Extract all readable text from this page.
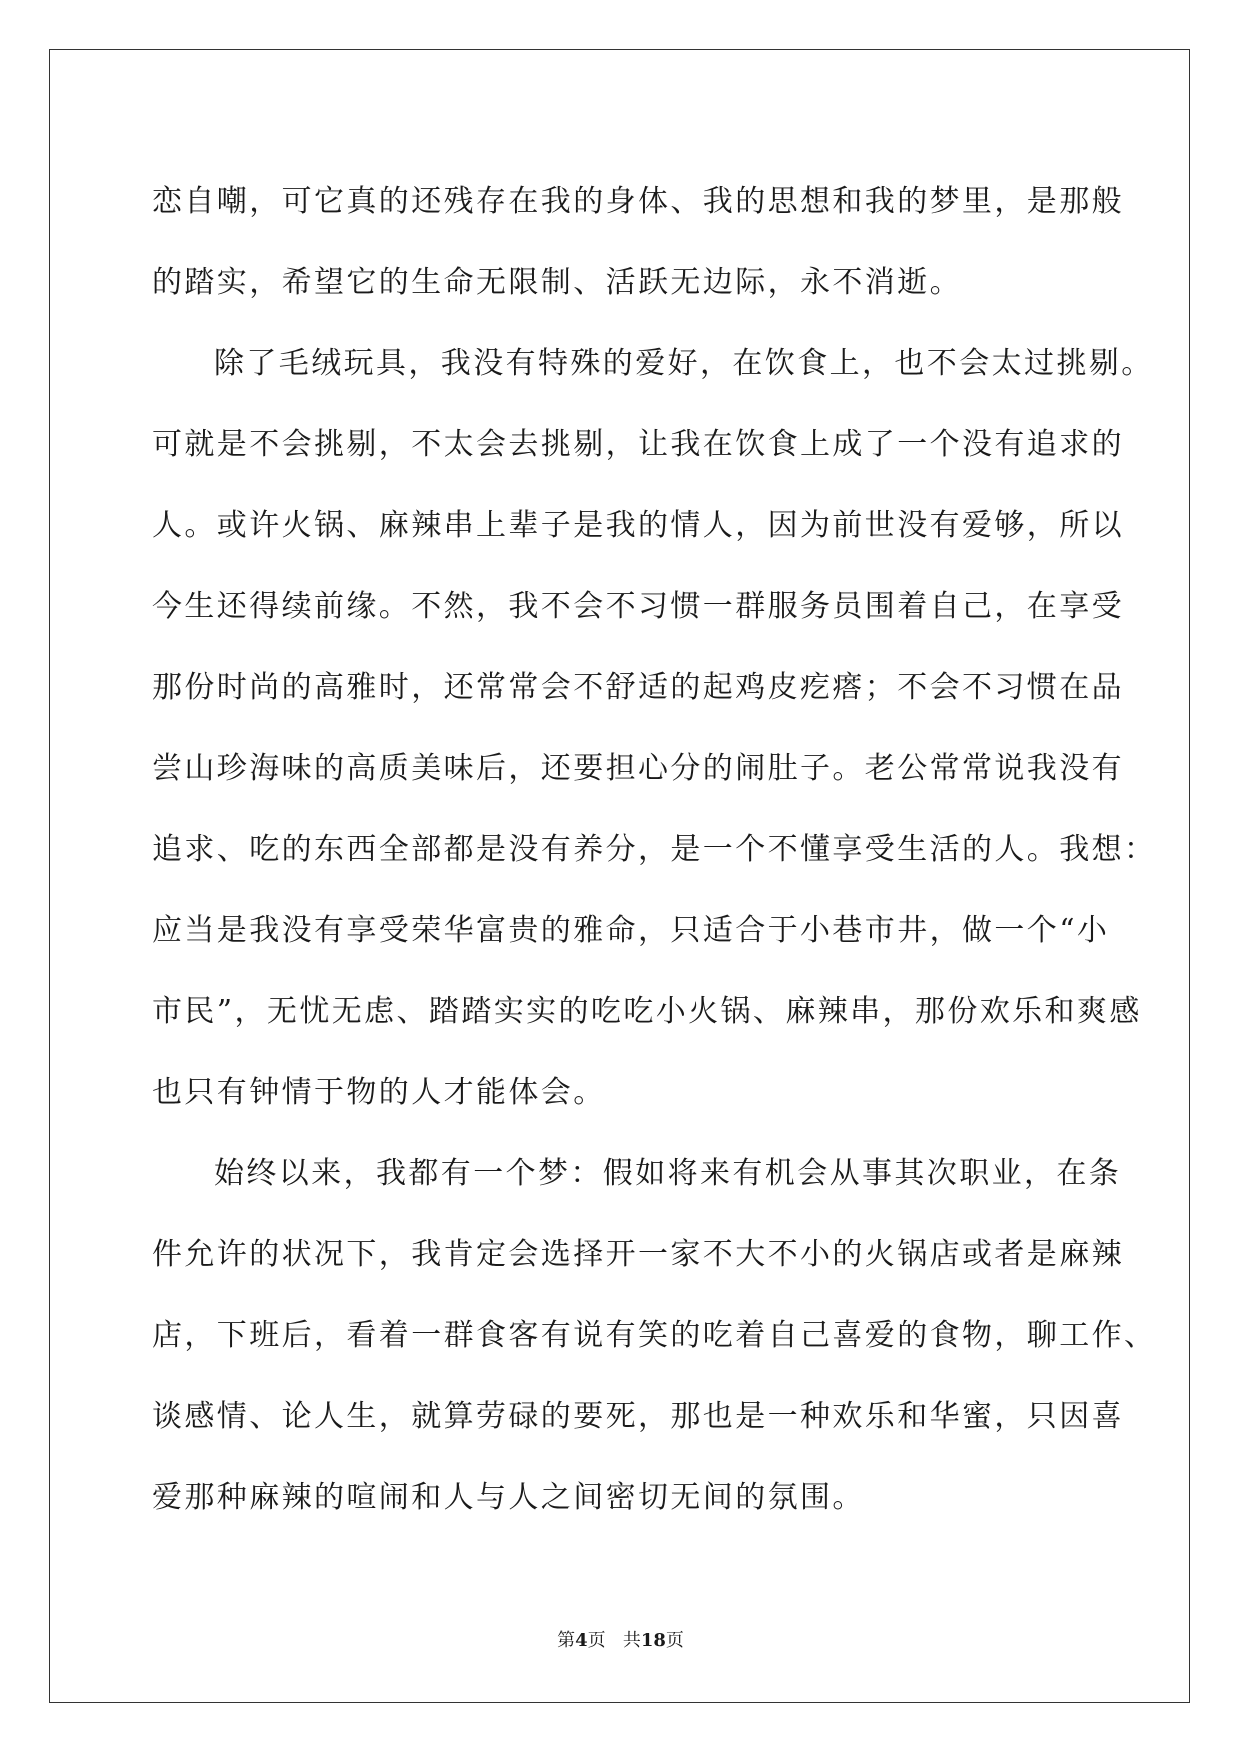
恋自嘲，可它真的还残存在我的身体、我的思想和我的梦里，是那般
的踏实，希望它的生命无限制、活跃无边际，永不消逝。
除了毛绒玩具，我没有特殊的爱好，在饮食上，也不会太过挑剔。
可就是不会挑剔，不太会去挑剔，让我在饮食上成了一个没有追求的
人。或许火锅、麻辣串上辈子是我的情人，因为前世没有爱够，所以
今生还得续前缘。不然，我不会不习惯一群服务员围着自己，在享受
那份时尚的高雅时，还常常会不舒适的起鸡皮疙瘩；不会不习惯在品
尝山珍海味的高质美味后，还要担心分的闹肚子。老公常常说我没有
追求、吃的东西全部都是没有养分，是一个不懂享受生活的人。我想：
应当是我没有享受荣华富贵的雅命，只适合于小巷市井，做一个“小
市民”，无忧无虑、踏踏实实的吃吃小火锅、麻辣串，那份欢乐和爽感
也只有钟情于物的人才能体会。
始终以来，我都有一个梦：假如将来有机会从事其次职业，在条
件允许的状况下，我肯定会选择开一家不大不小的火锅店或者是麻辣
店，下班后，看着一群食客有说有笑的吃着自己喜爱的食物，聊工作、
谈感情、论人生，就算劳碌的要死，那也是一种欢乐和华蜜，只因喜
爱那种麻辣的喧闹和人与人之间密切无间的氛围。
第4页 共18页
